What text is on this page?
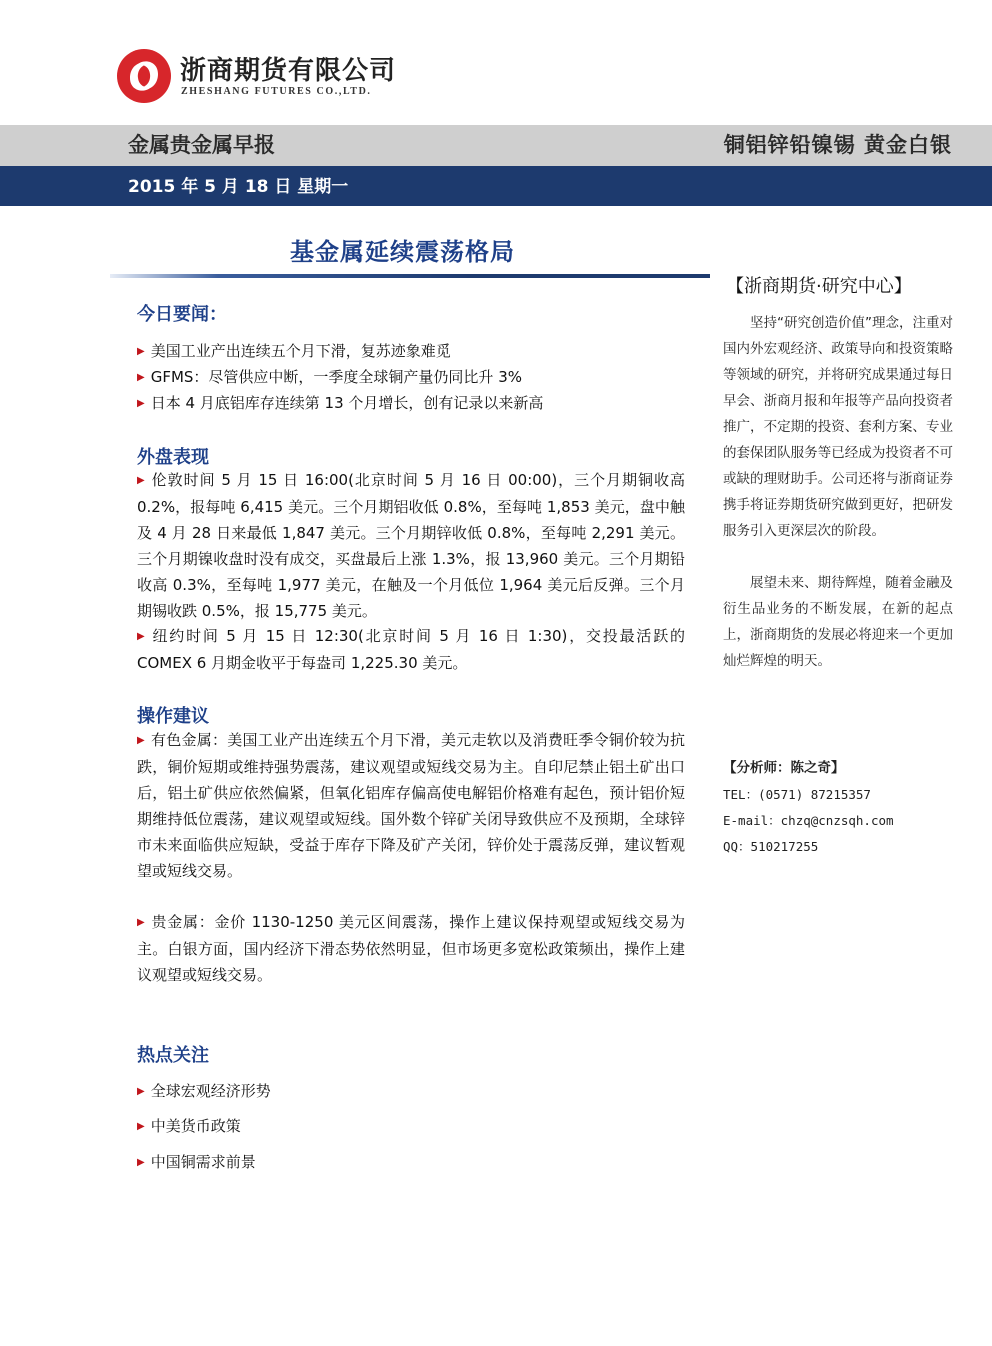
浙商期货有限公司
ZHESHANG FUTURES CO.,LTD.
金属贵金属早报	铜铝锌铅镍锡 黄金白银
2015 年 5 月 18 日 星期一
基金属延续震荡格局
今日要闻：
▶ 美国工业产出连续五个月下滑，复苏迹象难觅
▶ GFMS：尽管供应中断，一季度全球铜产量仍同比升 3%
▶ 日本 4 月底铝库存连续第 13 个月增长，创有记录以来新高
外盘表现
▶ 伦敦时间 5 月 15 日 16:00(北京时间 5 月 16 日 00:00)，三个月期铜收高 0.2%，报每吨 6,415 美元。三个月期铝收低 0.8%，至每吨 1,853 美元，盘中触及 4 月 28 日来最低 1,847 美元。三个月期锌收低 0.8%，至每吨 2,291 美元。三个月期镍收盘时没有成交，买盘最后上涨 1.3%，报 13,960 美元。三个月期铅收高 0.3%，至每吨 1,977 美元，在触及一个月低位 1,964 美元后反弹。三个月期锡收跌 0.5%，报 15,775 美元。
▶ 纽约时间 5 月 15 日 12:30(北京时间 5 月 16 日 1:30)，交投最活跃的 COMEX 6 月期金收平于每盎司 1,225.30 美元。
操作建议
▶ 有色金属：美国工业产出连续五个月下滑，美元走软以及消费旺季令铜价较为抗跌，铜价短期或维持强势震荡，建议观望或短线交易为主。自印尼禁止铝土矿出口后，铝土矿供应依然偏紧，但氧化铝库存偏高使电解铝价格难有起色，预计铝价短期维持低位震荡，建议观望或短线。国外数个锌矿关闭导致供应不及预期，全球锌市未来面临供应短缺，受益于库存下降及矿产关闭，锌价处于震荡反弹，建议暂观望或短线交易。
▶ 贵金属：金价 1130-1250 美元区间震荡，操作上建议保持观望或短线交易为主。白银方面，国内经济下滑态势依然明显，但市场更多宽松政策频出，操作上建议观望或短线交易。
热点关注
▶ 全球宏观经济形势
▶ 中美货币政策
▶ 中国铜需求前景
【浙商期货·研究中心】
坚持“研究创造价值”理念，注重对国内外宏观经济、政策导向和投资策略等领域的研究，并将研究成果通过每日早会、浙商月报和年报等产品向投资者推广，不定期的投资、套利方案、专业的套保团队服务等已经成为投资者不可或缺的理财助手。公司还将与浙商证券携手将证券期货研究做到更好，把研发服务引入更深层次的阶段。
展望未来、期待辉煌，随着金融及衍生品业务的不断发展，在新的起点上，浙商期货的发展必将迎来一个更加灿烂辉煌的明天。
【分析师：陈之奇】
TEL：(0571) 87215357
E-mail：chzq@cnzsqh.com
QQ：510217255
